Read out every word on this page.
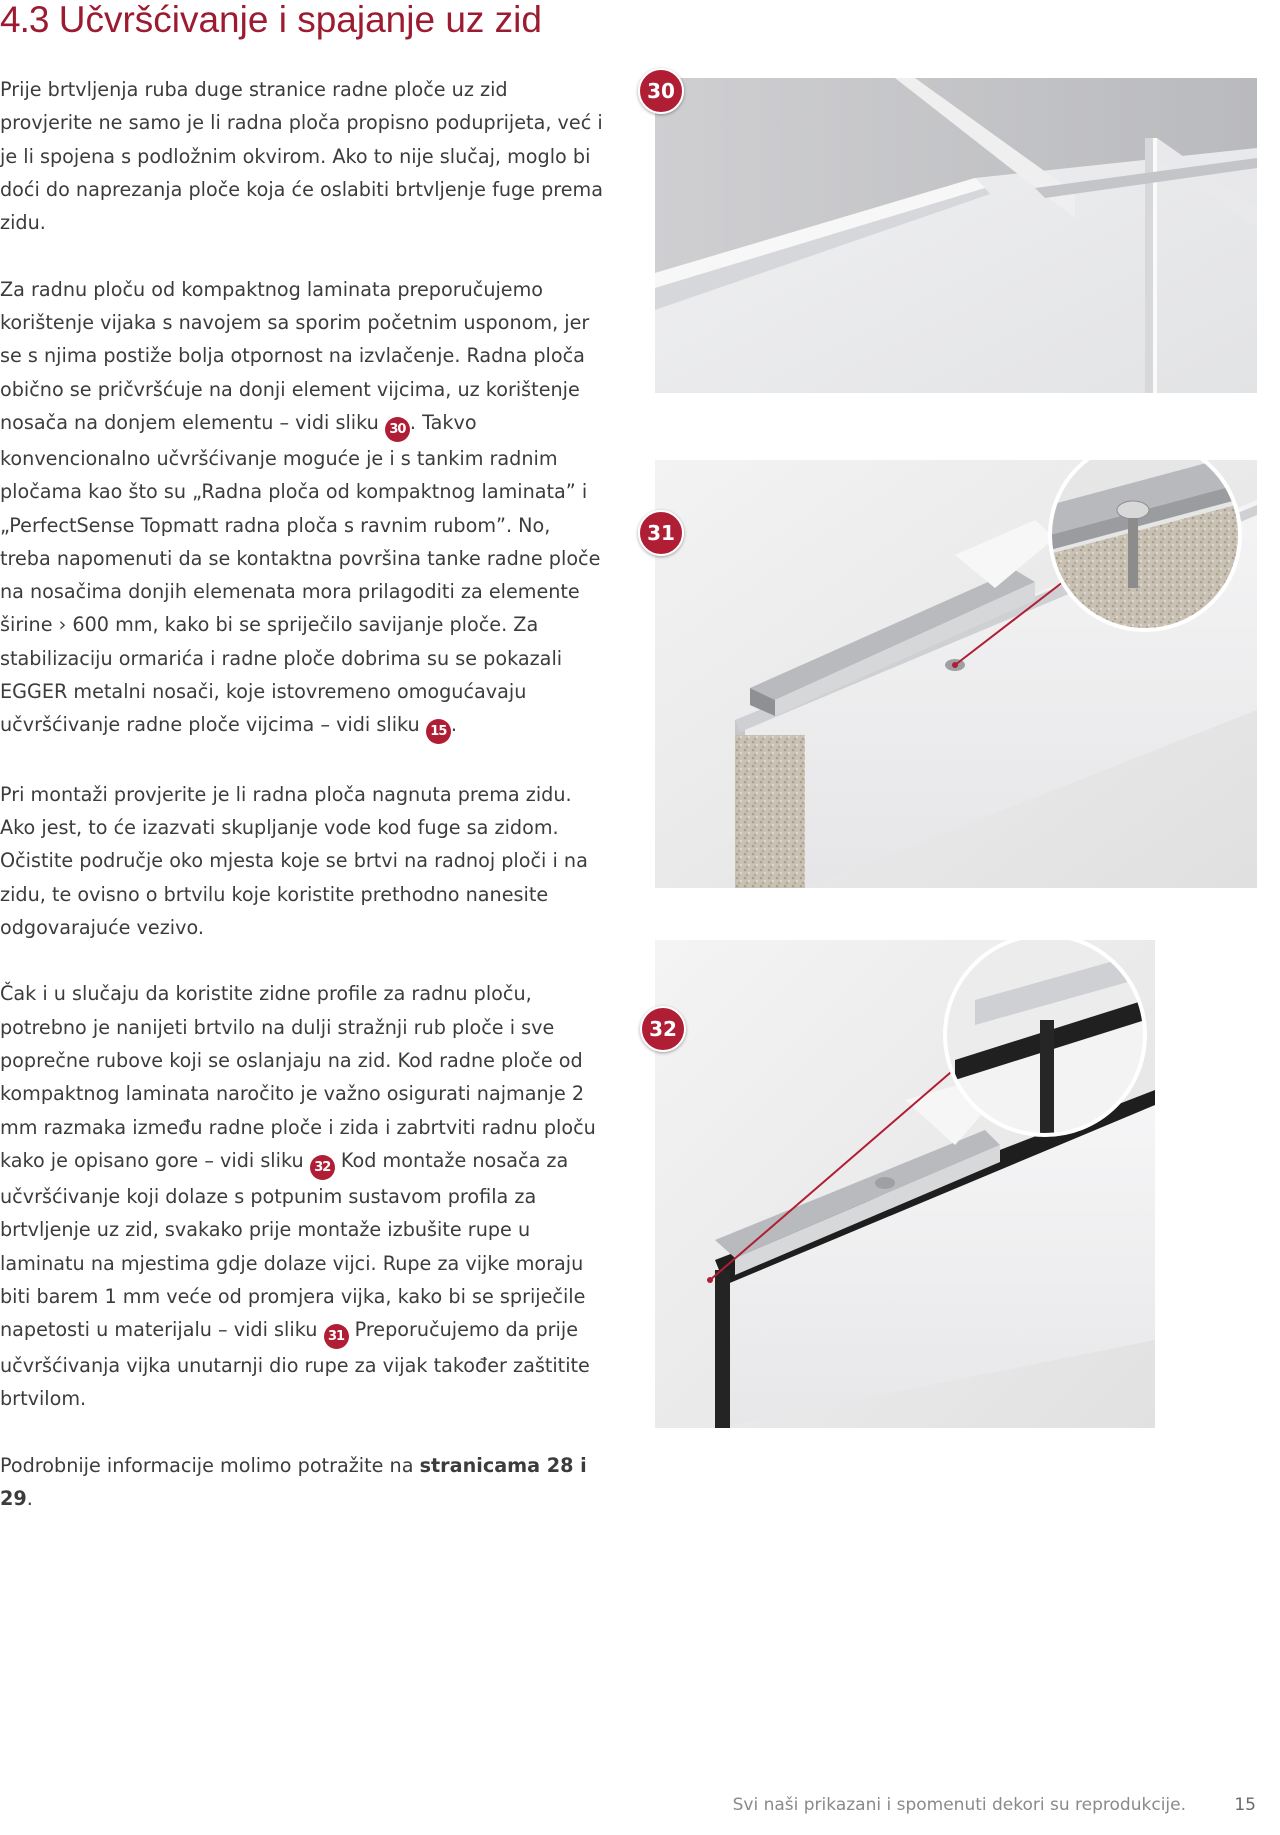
4.3 Učvršćivanje i spajanje uz zid

Prije brtvljenja ruba duge stranice radne ploče uz zid provjerite ne samo je li radna ploča propisno poduprijeta, već i je li spojena s podložnim okvirom. Ako to nije slučaj, moglo bi doći do naprezanja ploče koja će oslabiti brtvljenje fuge prema zidu.

Za radnu ploču od kompaktnog laminata preporučujemo korištenje vijaka s navojem sa sporim početnim usponom, jer se s njima postiže bolja otpornost na izvlačenje. Radna ploča obično se pričvršćuje na donji element vijcima, uz korištenje nosača na donjem elementu – vidi sliku 30 . Takvo konvencionalno učvršćivanje moguće je i s tankim radnim pločama kao što su „Radna ploča od kompaktnog laminata” i „PerfectSense Topmatt radna ploča s ravnim rubom”. No, treba napomenuti da se kontaktna površina tanke radne ploče na nosačima donjih elemenata mora prilagoditi za elemente širine › 600 mm, kako bi se spriječilo savijanje ploče. Za stabilizaciju ormarića i radne ploče dobrima su se pokazali EGGER metalni nosači, koje istovremeno omogućavaju učvršćivanje radne ploče vijcima – vidi sliku 15 .

Pri montaži provjerite je li radna ploča nagnuta prema zidu. Ako jest, to će izazvati skupljanje vode kod fuge sa zidom. Očistite područje oko mjesta koje se brtvi na radnoj ploči i na zidu, te ovisno o brtvilu koje koristite prethodno nanesite odgovarajuće vezivo.

Čak i u slučaju da koristite zidne profile za radnu ploču, potrebno je nanijeti brtvilo na dulji stražnji rub ploče i sve poprečne rubove koji se oslanjaju na zid. Kod radne ploče od kompaktnog laminata naročito je važno osigurati najmanje 2 mm razmaka između radne ploče i zida i zabrtviti radnu ploču kako je opisano gore – vidi sliku 32 Kod montaže nosača za učvršćivanje koji dolaze s potpunim sustavom profila za brtvljenje uz zid, svakako prije montaže izbušite rupe u laminatu na mjestima gdje dolaze vijci. Rupe za vijke moraju biti barem 1 mm veće od promjera vijka, kako bi se spriječile napetosti u materijalu – vidi sliku 31 Preporučujemo da prije učvršćivanja vijka unutarnji dio rupe za vijak također zaštitite brtvilom.

Podrobnije informacije molimo potražite na stranicama 28 i 29.

30
31
32
Svi naši prikazani i spomenuti dekori su reprodukcije.	15
